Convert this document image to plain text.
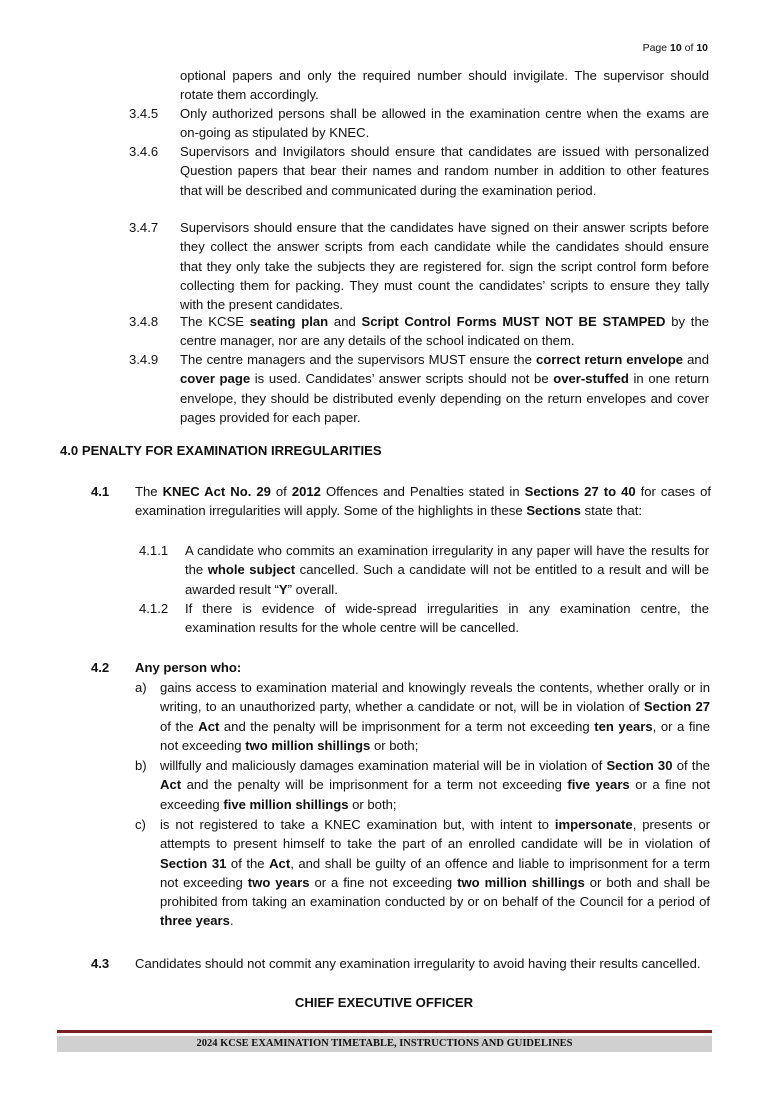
Page 10 of 10
optional papers and only the required number should invigilate. The supervisor should rotate them accordingly.
3.4.5 Only authorized persons shall be allowed in the examination centre when the exams are on-going as stipulated by KNEC.
3.4.6 Supervisors and Invigilators should ensure that candidates are issued with personalized Question papers that bear their names and random number in addition to other features that will be described and communicated during the examination period.
3.4.7 Supervisors should ensure that the candidates have signed on their answer scripts before they collect the answer scripts from each candidate while the candidates should ensure that they only take the subjects they are registered for. sign the script control form before collecting them for packing. They must count the candidates’ scripts to ensure they tally with the present candidates.
3.4.8 The KCSE seating plan and Script Control Forms MUST NOT BE STAMPED by the centre manager, nor are any details of the school indicated on them.
3.4.9 The centre managers and the supervisors MUST ensure the correct return envelope and cover page is used. Candidates’ answer scripts should not be over-stuffed in one return envelope, they should be distributed evenly depending on the return envelopes and cover pages provided for each paper.
4.0 PENALTY FOR EXAMINATION IRREGULARITIES
4.1 The KNEC Act No. 29 of 2012 Offences and Penalties stated in Sections 27 to 40 for cases of examination irregularities will apply. Some of the highlights in these Sections state that:
4.1.1 A candidate who commits an examination irregularity in any paper will have the results for the whole subject cancelled. Such a candidate will not be entitled to a result and will be awarded result “Y” overall.
4.1.2 If there is evidence of wide-spread irregularities in any examination centre, the examination results for the whole centre will be cancelled.
4.2 Any person who:
a) gains access to examination material and knowingly reveals the contents, whether orally or in writing, to an unauthorized party, whether a candidate or not, will be in violation of Section 27 of the Act and the penalty will be imprisonment for a term not exceeding ten years, or a fine not exceeding two million shillings or both;
b) willfully and maliciously damages examination material will be in violation of Section 30 of the Act and the penalty will be imprisonment for a term not exceeding five years or a fine not exceeding five million shillings or both;
c) is not registered to take a KNEC examination but, with intent to impersonate, presents or attempts to present himself to take the part of an enrolled candidate will be in violation of Section 31 of the Act, and shall be guilty of an offence and liable to imprisonment for a term not exceeding two years or a fine not exceeding two million shillings or both and shall be prohibited from taking an examination conducted by or on behalf of the Council for a period of three years.
4.3 Candidates should not commit any examination irregularity to avoid having their results cancelled.
CHIEF EXECUTIVE OFFICER
2024 KCSE EXAMINATION TIMETABLE, INSTRUCTIONS AND GUIDELINES
